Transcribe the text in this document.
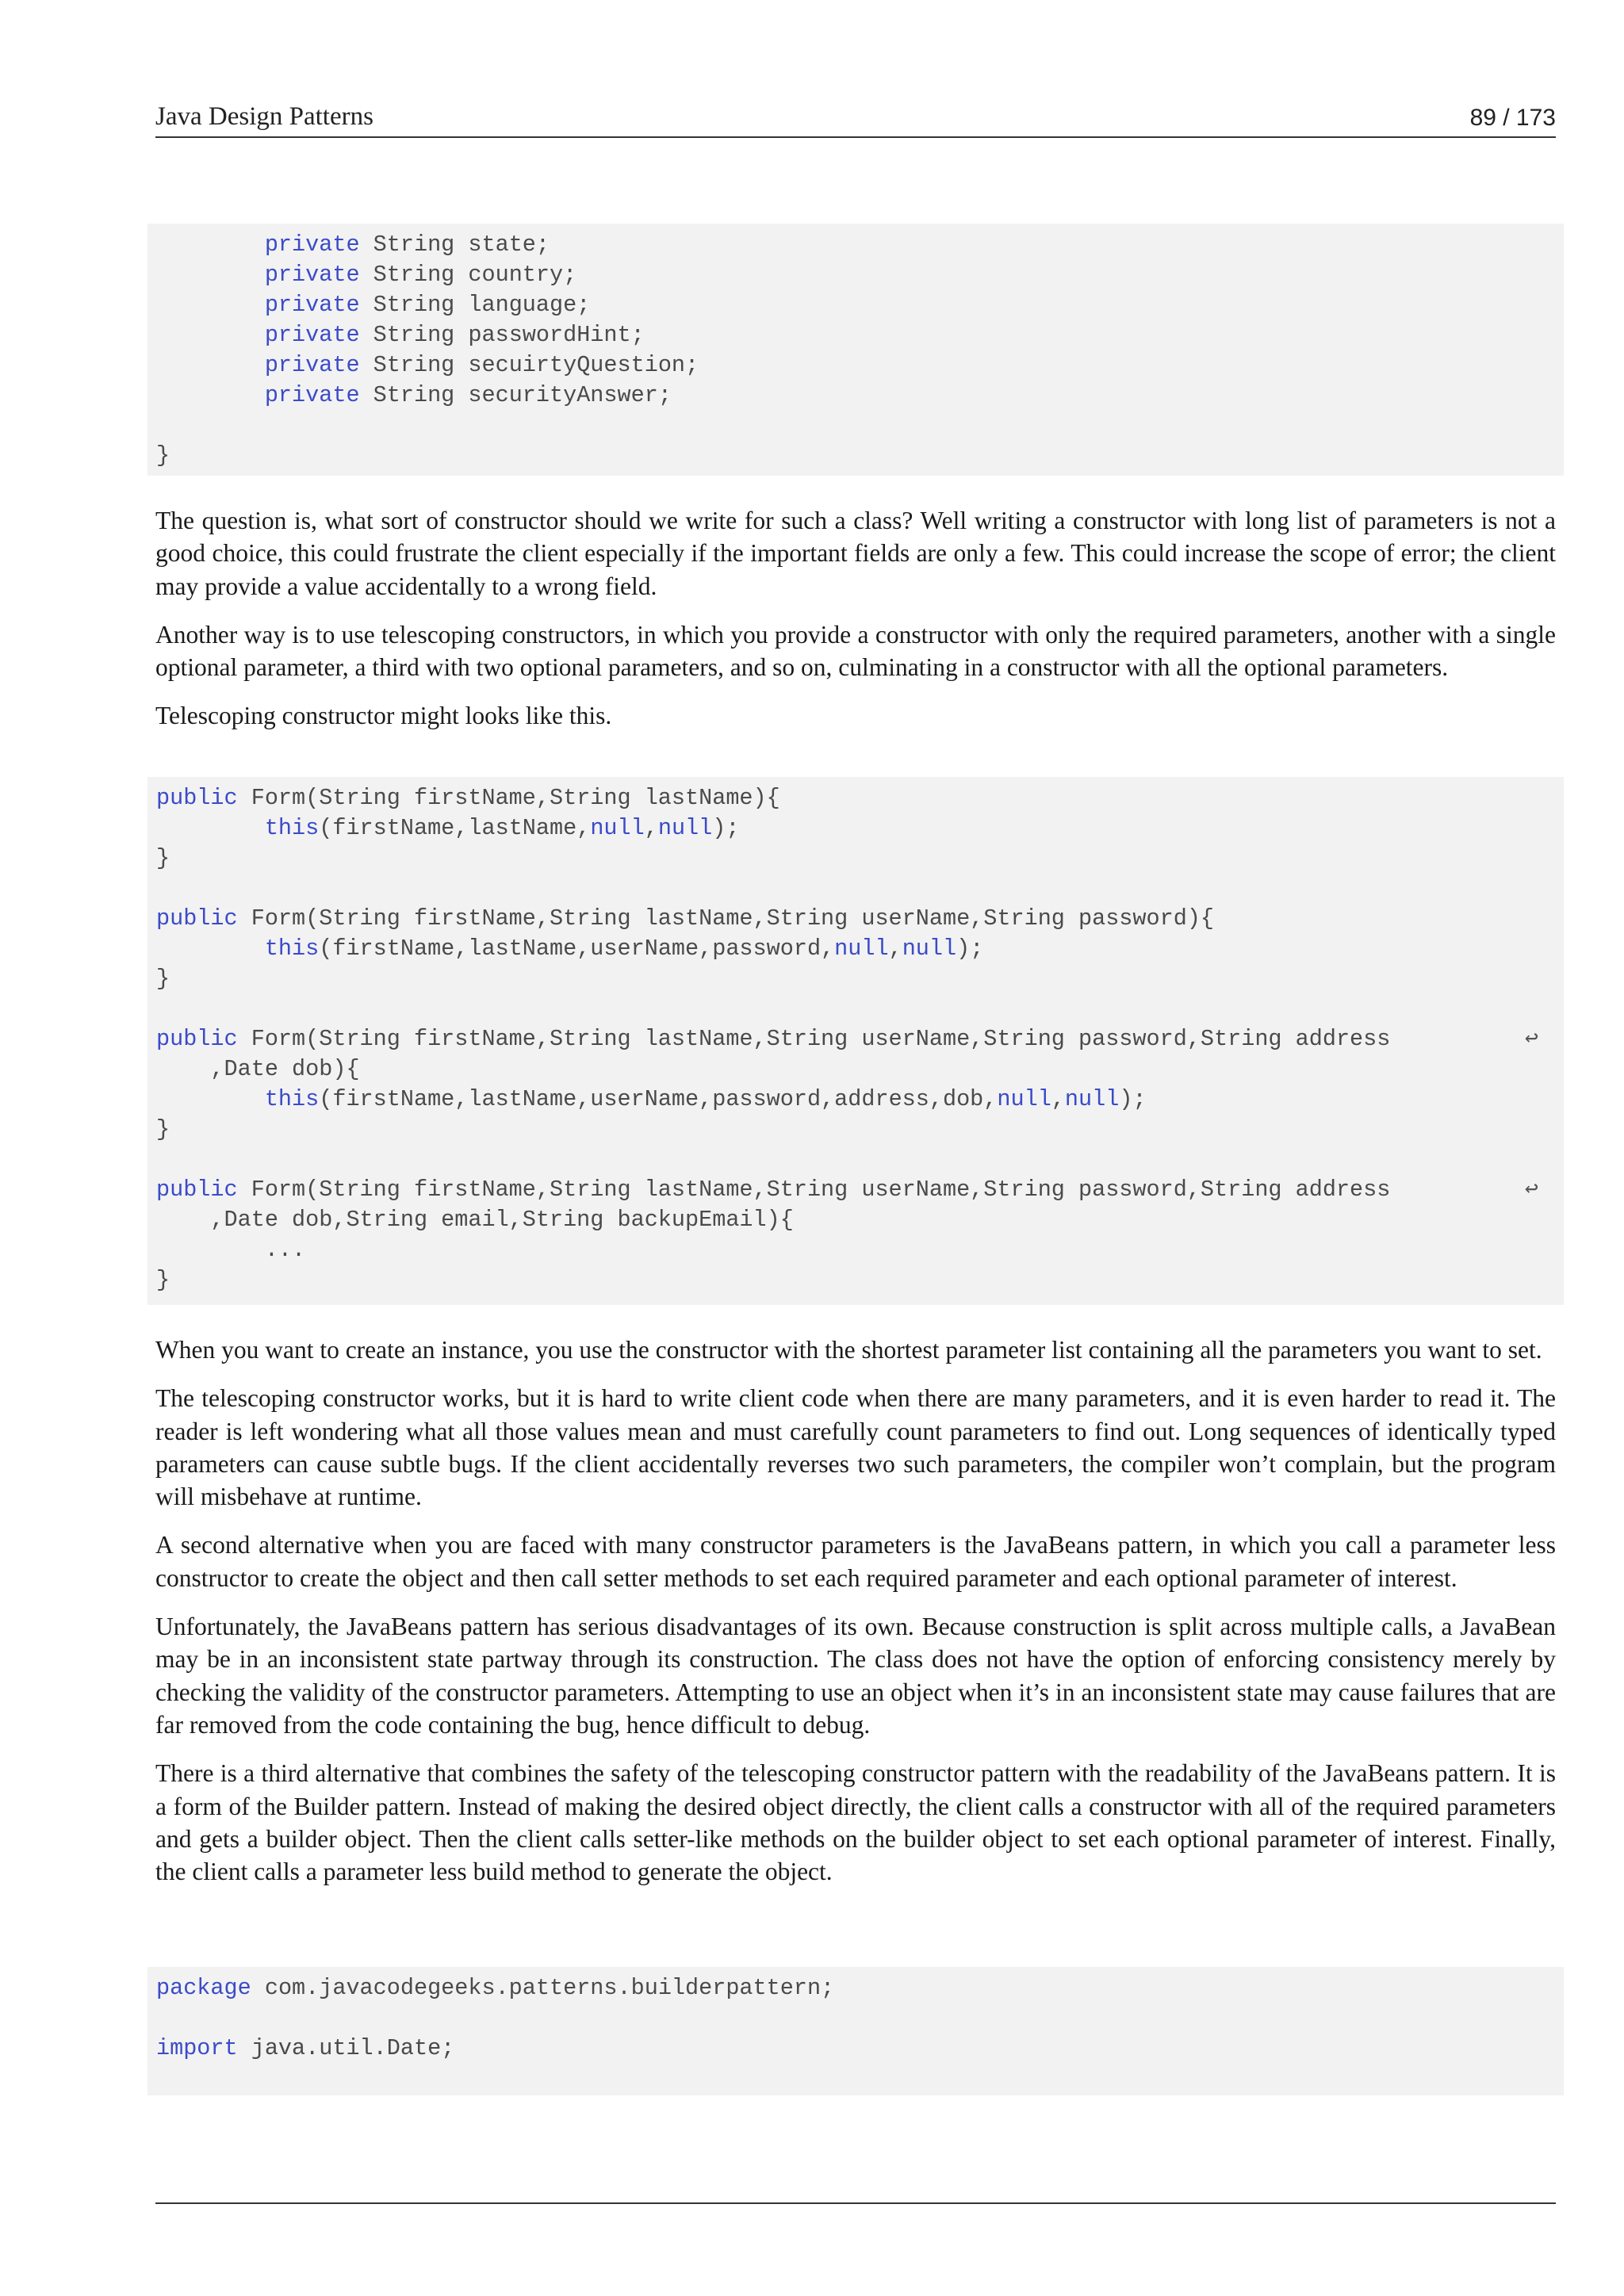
Java Design Patterns	89 / 173
private String state;
private String country;
private String language;
private String passwordHint;
private String secuirtyQuestion;
private String securityAnswer;
}

The question is, what sort of constructor should we write for such a class? Well writing a constructor with long list of parameters is not a good choice, this could frustrate the client especially if the important fields are only a few. This could increase the scope of error; the client may provide a value accidentally to a wrong field.

Another way is to use telescoping constructors, in which you provide a constructor with only the required parameters, another with a single optional parameter, a third with two optional parameters, and so on, culminating in a constructor with all the optional parameters.

Telescoping constructor might looks like this.

public Form(String firstName,String lastName){
this(firstName,lastName,null,null);
}
public Form(String firstName,String lastName,String userName,String password){
this(firstName,lastName,userName,password,null,null);
}
public Form(String firstName,String lastName,String userName,String password,String address	↩
,Date dob){
this(firstName,lastName,userName,password,address,dob,null,null);
}
public Form(String firstName,String lastName,String userName,String password,String address	↩
,Date dob,String email,String backupEmail){
...
}

When you want to create an instance, you use the constructor with the shortest parameter list containing all the parameters you want to set.

The telescoping constructor works, but it is hard to write client code when there are many parameters, and it is even harder to read it. The reader is left wondering what all those values mean and must carefully count parameters to find out. Long sequences of identically typed parameters can cause subtle bugs. If the client accidentally reverses two such parameters, the compiler won’t complain, but the program will misbehave at runtime.

A second alternative when you are faced with many constructor parameters is the JavaBeans pattern, in which you call a parameter less constructor to create the object and then call setter methods to set each required parameter and each optional parameter of interest.

Unfortunately, the JavaBeans pattern has serious disadvantages of its own. Because construction is split across multiple calls, a JavaBean may be in an inconsistent state partway through its construction. The class does not have the option of enforcing consistency merely by checking the validity of the constructor parameters. Attempting to use an object when it’s in an inconsistent state may cause failures that are far removed from the code containing the bug, hence difficult to debug.

There is a third alternative that combines the safety of the telescoping constructor pattern with the readability of the JavaBeans pattern. It is a form of the Builder pattern. Instead of making the desired object directly, the client calls a constructor with all of the required parameters and gets a builder object. Then the client calls setter-like methods on the builder object to set each optional parameter of interest. Finally, the client calls a parameter less build method to generate the object.

package com.javacodegeeks.patterns.builderpattern;
import java.util.Date;
